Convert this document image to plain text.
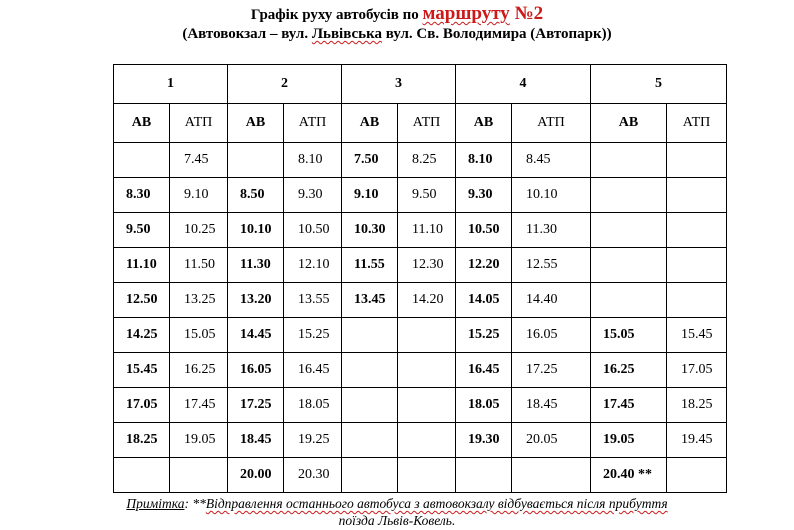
Графік руху автобусів по маршруту №2
(Автовокзал – вул. Львівська вул. Св. Володимира (Автопарк))
1		2		3		4		5	
АВ	АТП	АВ	АТП	АВ	АТП	АВ	АТП	АВ	АТП
	7.45		8.10	7.50	8.25	8.10	8.45		
8.30	9.10	8.50	9.30	9.10	9.50	9.30	10.10		
9.50	10.25	10.10	10.50	10.30	11.10	10.50	11.30		
11.10	11.50	11.30	12.10	11.55	12.30	12.20	12.55		
12.50	13.25	13.20	13.55	13.45	14.20	14.05	14.40		
14.25	15.05	14.45	15.25			15.25	16.05	15.05	15.45
15.45	16.25	16.05	16.45			16.45	17.25	16.25	17.05
17.05	17.45	17.25	18.05			18.05	18.45	17.45	18.25
18.25	19.05	18.45	19.25			19.30	20.05	19.05	19.45
		20.00	20.30					20.40 **	
Примітка: **Відправлення останнього автобуса з автовокзалу відбувається після прибуття
поїзда Львів-Ковель.
